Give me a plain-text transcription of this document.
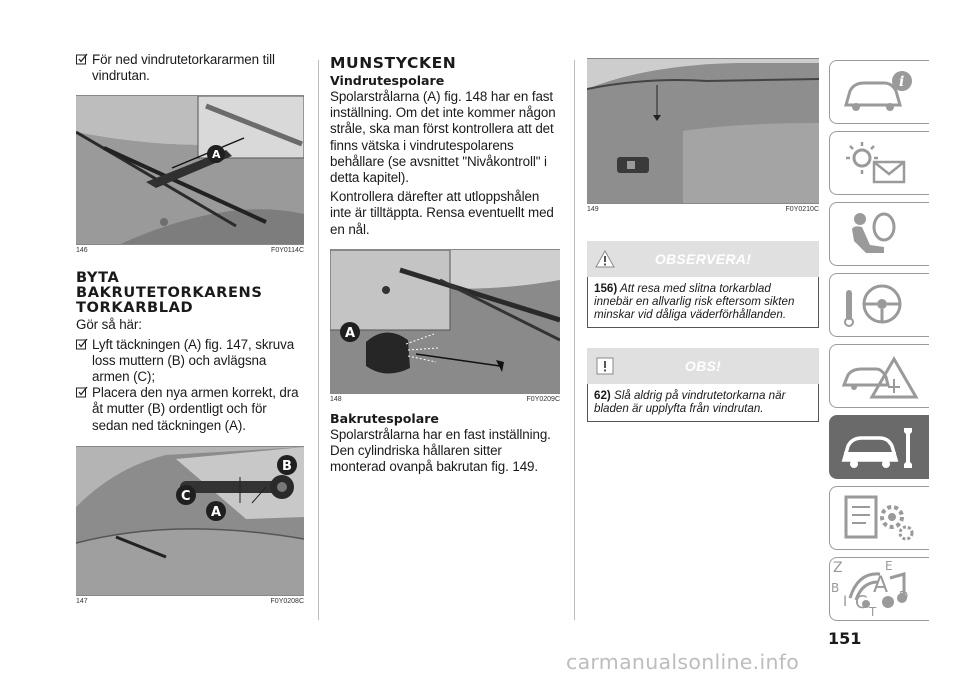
För ned vindrutetorkararmen till vindrutan.
A
146	F0Y0114C
BYTA
BAKRUTETORKARENS
TORKARBLAD

Gör så här:

Lyft täckningen (A) fig. 147, skruva loss muttern (B) och avlägsna armen (C);
Placera den nya armen korrekt, dra åt mutter (B) ordentligt och för sedan ned täckningen (A).
B
C
A
147	F0Y0208C
MUNSTYCKEN
Vindrutespolare

Spolarstrålarna (A) fig. 148 har en fast inställning. Om det inte kommer någon stråle, ska man först kontrollera att det finns vätska i vindrutespolarens behållare (se avsnittet "Nivåkontroll" i detta kapitel).

Kontrollera därefter att utloppshålen inte är tilltäppta. Rensa eventuellt med en nål.

A
148	F0Y0209C
Bakrutespolare

Spolarstrålarna har en fast inställning. Den cylindriska hållaren sitter monterad ovanpå bakrutan fig. 149.

149	F0Y0210C
OBSERVERA!
156) Att resa med slitna torkarblad innebär en allvarlig risk eftersom sikten minskar vid dåliga väderförhållanden.
OBS!
62) Slå aldrig på vindrutetorkarna när bladen är upplyfta från vindrutan.
i
Z	E
B A
I C	D
T
151
carmanualsonline.info
